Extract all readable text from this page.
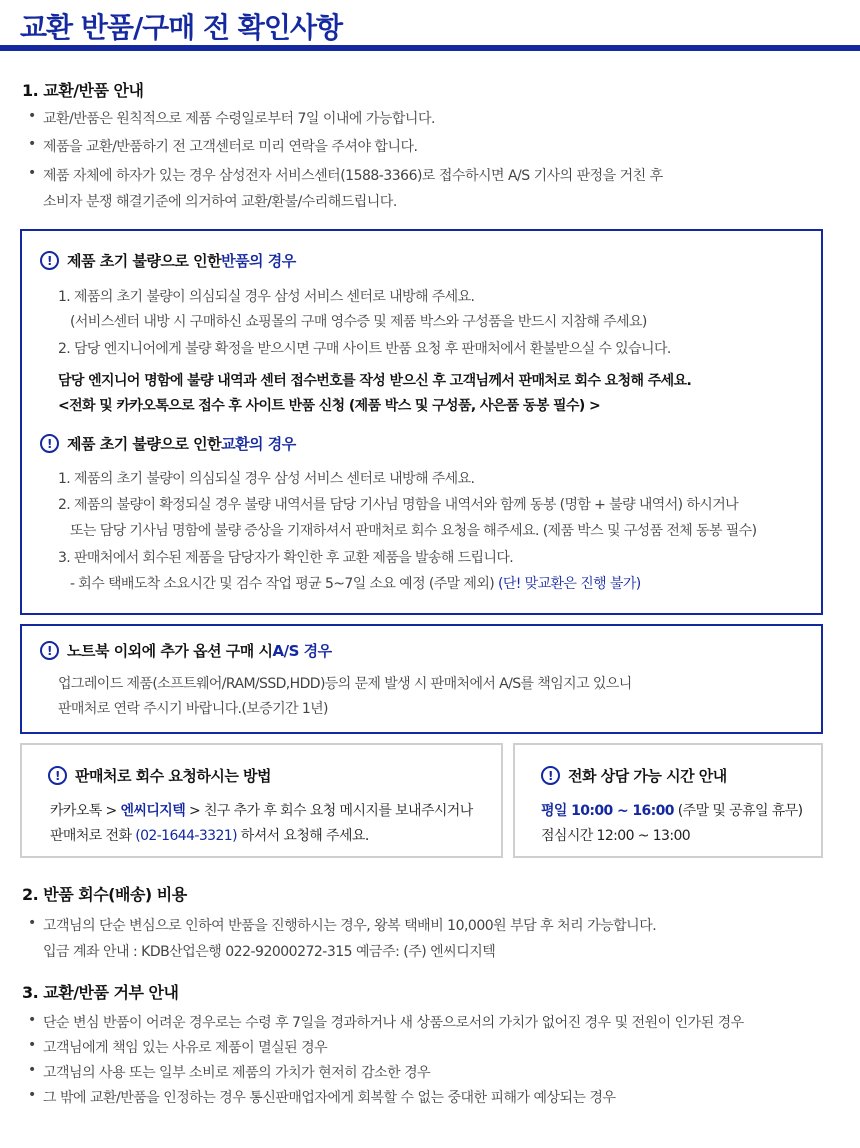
교환 반품/구매 전 확인사항
1. 교환/반품 안내
• 교환/반품은 원칙적으로 제품 수령일로부터 7일 이내에 가능합니다.
• 제품을 교환/반품하기 전 고객센터로 미리 연락을 주셔야 합니다.
• 제품 자체에 하자가 있는 경우 삼성전자 서비스센터(1588-3366)로 접수하시면 A/S 기사의 판정을 거친 후
소비자 분쟁 해결기준에 의거하여 교환/환불/수리해드립니다.
!	제품 초기 불량으로 인한 반품의 경우
1. 제품의 초기 불량이 의심되실 경우 삼성 서비스 센터로 내방해 주세요.
(서비스센터 내방 시 구매하신 쇼핑몰의 구매 영수증 및 제품 박스와 구성품을 반드시 지참해 주세요)
2. 담당 엔지니어에게 불량 확정을 받으시면 구매 사이트 반품 요청 후 판매처에서 환불받으실 수 있습니다.
담당 엔지니어 명함에 불량 내역과 센터 접수번호를 작성 받으신 후 고객님께서 판매처로 회수 요청해 주세요.
<전화 및 카카오톡으로 접수 후 사이트 반품 신청 (제품 박스 및 구성품, 사은품 동봉 필수) >
!	제품 초기 불량으로 인한 교환의 경우
1. 제품의 초기 불량이 의심되실 경우 삼성 서비스 센터로 내방해 주세요.
2. 제품의 불량이 확정되실 경우 불량 내역서를 담당 기사님 명함을 내역서와 함께 동봉 (명함 + 불량 내역서) 하시거나
또는 담당 기사님 명함에 불량 증상을 기재하셔서 판매처로 회수 요청을 해주세요. (제품 박스 및 구성품 전체 동봉 필수)
3. 판매처에서 회수된 제품을 담당자가 확인한 후 교환 제품을 발송해 드립니다.
- 회수 택배도착 소요시간 및 검수 작업 평균 5~7일 소요 예정 (주말 제외) (단! 맞교환은 진행 불가)
!	노트북 이외에 추가 옵션 구매 시 A/S 경우
업그레이드 제품(소프트웨어/RAM/SSD,HDD)등의 문제 발생 시 판매처에서 A/S를 책임지고 있으니
판매처로 연락 주시기 바랍니다.(보증기간 1년)
!	판매처로 회수 요청하시는 방법
카카오톡 > 엔씨디지텍 > 친구 추가 후 회수 요청 메시지를 보내주시거나
판매처로 전화 (02-1644-3321) 하셔서 요청해 주세요.
!	전화 상담 가능 시간 안내
평일 10:00 ~ 16:00 (주말 및 공휴일 휴무)
점심시간 12:00 ~ 13:00
2. 반품 회수(배송) 비용
• 고객님의 단순 변심으로 인하여 반품을 진행하시는 경우, 왕복 택배비 10,000원 부담 후 처리 가능합니다.
입금 계좌 안내 : KDB산업은행 022-92000272-315 예금주: (주) 엔씨디지텍
3. 교환/반품 거부 안내
• 단순 변심 반품이 어려운 경우로는 수령 후 7일을 경과하거나 새 상품으로서의 가치가 없어진 경우 및 전원이 인가된 경우
• 고객님에게 책임 있는 사유로 제품이 멸실된 경우
• 고객님의 사용 또는 일부 소비로 제품의 가치가 현저히 감소한 경우
• 그 밖에 교환/반품을 인정하는 경우 통신판매업자에게 회복할 수 없는 중대한 피해가 예상되는 경우
